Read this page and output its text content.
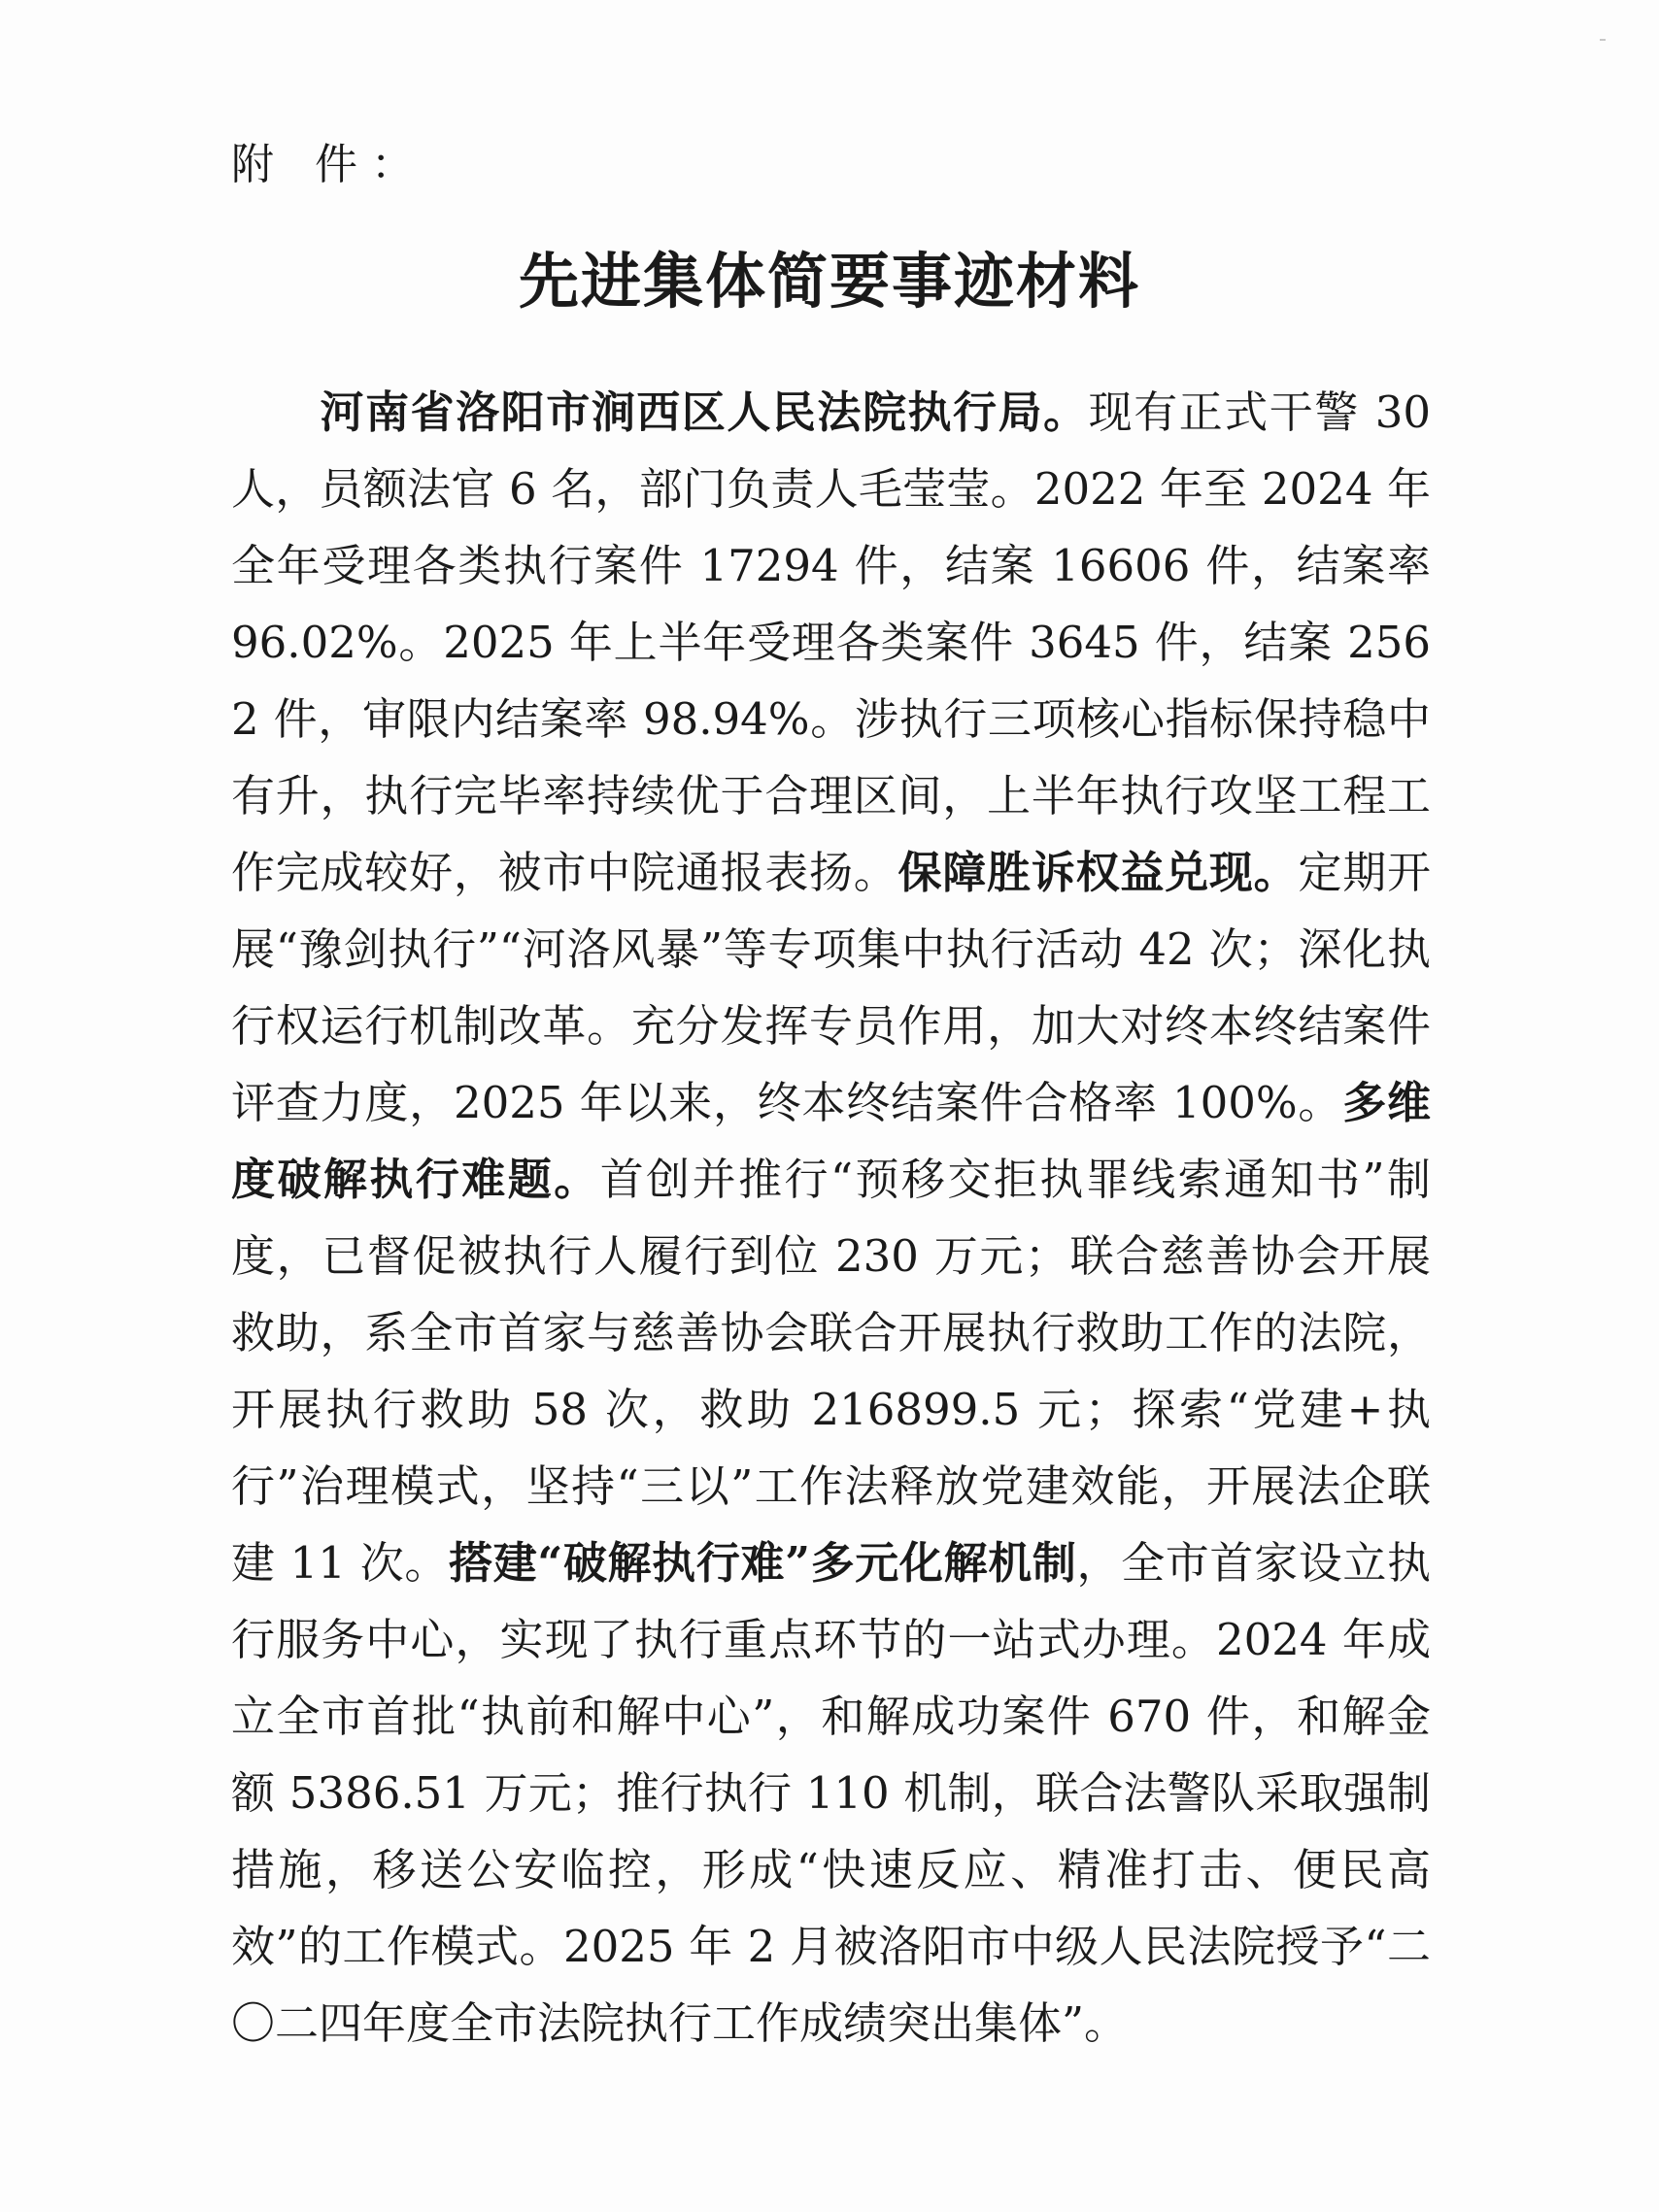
附 件：
先进集体简要事迹材料
河南省洛阳市涧西区人民法院执行局。现有正式干警 30 人，员额法官 6 名，部门负责人毛莹莹。2022 年至 2024 年全年受理各类执行案件 17294 件，结案 16606 件，结案率 96.02%。2025 年上半年受理各类案件 3645 件，结案 2562 件，审限内结案率 98.94%。涉执行三项核心指标保持稳中有升，执行完毕率持续优于合理区间，上半年执行攻坚工程工作完成较好，被市中院通报表扬。保障胜诉权益兑现。定期开展“豫剑执行”“河洛风暴”等专项集中执行活动 42 次；深化执行权运行机制改革。充分发挥专员作用，加大对终本终结案件评查力度，2025 年以来，终本终结案件合格率 100%。多维度破解执行难题。首创并推行“预移交拒执罪线索通知书”制度，已督促被执行人履行到位 230 万元；联合慈善协会开展救助，系全市首家与慈善协会联合开展执行救助工作的法院，开展执行救助 58 次，救助 216899.5 元；探索“党建+执行”治理模式，坚持“三以”工作法释放党建效能，开展法企联建 11 次。搭建“破解执行难”多元化解机制，全市首家设立执行服务中心，实现了执行重点环节的一站式办理。2024 年成立全市首批“执前和解中心”，和解成功案件 670 件，和解金额 5386.51 万元；推行执行 110 机制，联合法警队采取强制措施，移送公安临控，形成“快速反应、精准打击、便民高效”的工作模式。2025 年 2 月被洛阳市中级人民法院授予“二〇二四年度全市法院执行工作成绩突出集体”。
